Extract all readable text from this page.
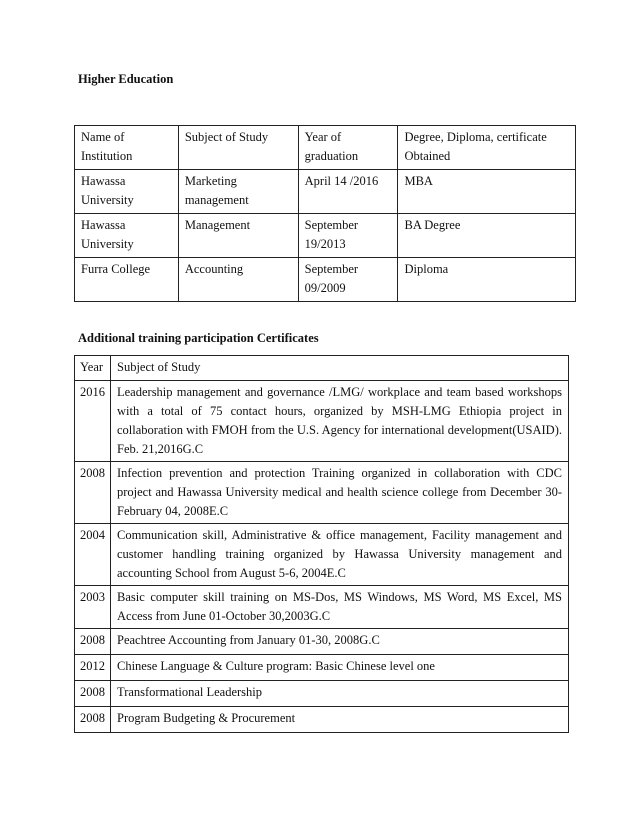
Higher Education
Name of Institution	Subject of Study	Year of graduation	Degree, Diploma, certificate Obtained
Hawassa University	Marketing management	April 14 /2016	MBA
Hawassa University	Management	September 19/2013	BA Degree
Furra College	Accounting	September 09/2009	Diploma
Additional training participation Certificates
Year	Subject of Study
2016	Leadership management and governance /LMG/ workplace and team based workshops with a total of 75 contact hours, organized by MSH-LMG Ethiopia project in collaboration with FMOH from the U.S. Agency for international development(USAID). Feb. 21,2016G.C
2008	Infection prevention and protection Training organized in collaboration with CDC project and Hawassa University medical and health science college from December 30-February 04, 2008E.C
2004	Communication skill, Administrative & office management, Facility management and customer handling training organized by Hawassa University management and accounting School from August 5-6, 2004E.C
2003	Basic computer skill training on MS-Dos, MS Windows, MS Word, MS Excel, MS Access from June 01-October 30,2003G.C
2008	Peachtree Accounting from January 01-30, 2008G.C
2012	Chinese Language & Culture program: Basic Chinese level one
2008	Transformational Leadership
2008	Program Budgeting & Procurement
